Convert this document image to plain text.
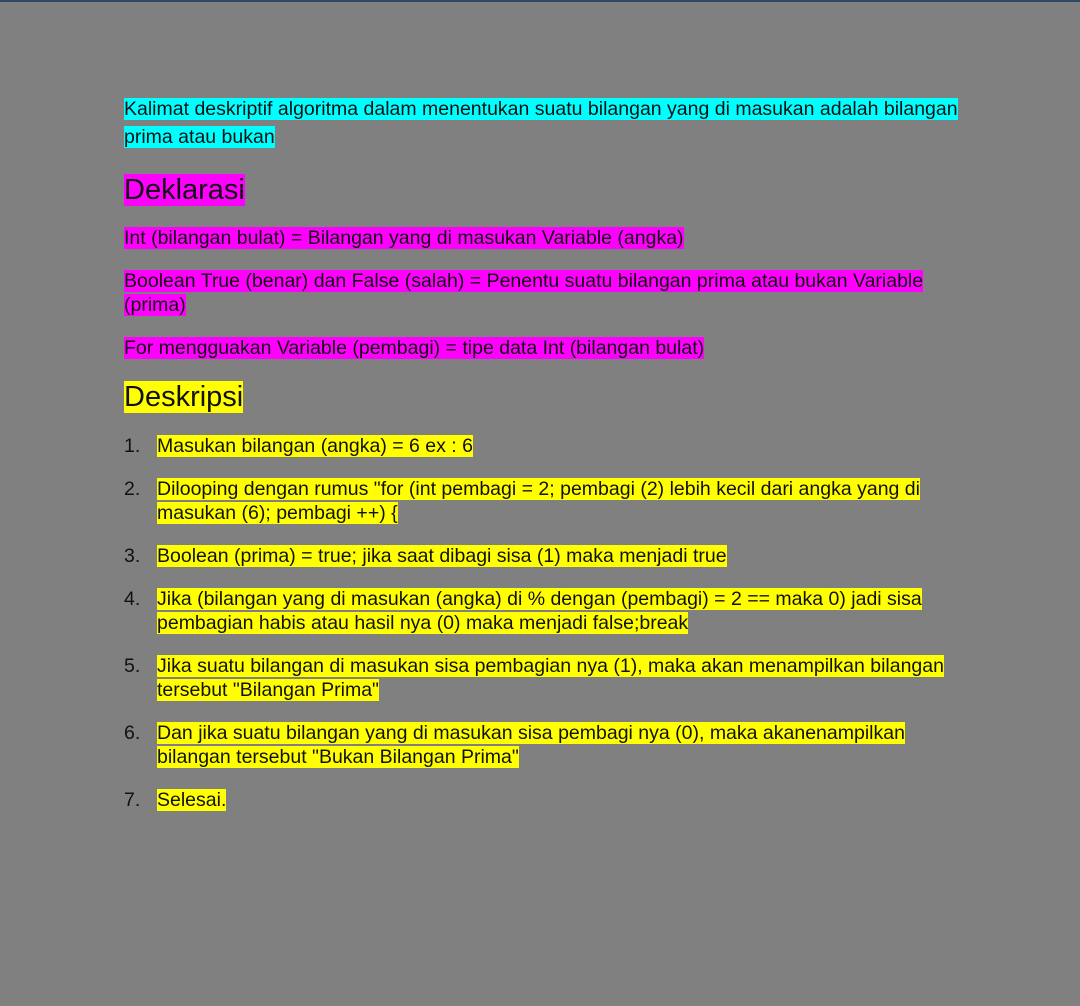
Kalimat deskriptif algoritma dalam menentukan suatu bilangan yang di masukan adalah bilangan prima atau bukan

Deklarasi

Int (bilangan bulat) = Bilangan yang di masukan Variable (angka)

Boolean True (benar) dan False (salah) = Penentu suatu bilangan prima atau bukan Variable (prima)

For mengguakan Variable (pembagi) = tipe data Int (bilangan bulat)

Deskripsi
1. Masukan bilangan (angka) = 6 ex : 6
2. Dilooping dengan rumus "for (int pembagi = 2; pembagi (2) lebih kecil dari angka yang di masukan (6); pembagi ++) {
3. Boolean (prima) = true; jika saat dibagi sisa (1) maka menjadi true
4. Jika (bilangan yang di masukan (angka) di % dengan (pembagi) = 2 == maka 0) jadi sisa pembagian habis atau hasil nya (0) maka menjadi false;break
5. Jika suatu bilangan di masukan sisa pembagian nya (1), maka akan menampilkan bilangan tersebut "Bilangan Prima"
6. Dan jika suatu bilangan yang di masukan sisa pembagi nya (0), maka akanenampilkan bilangan tersebut "Bukan Bilangan Prima"
7. Selesai.
